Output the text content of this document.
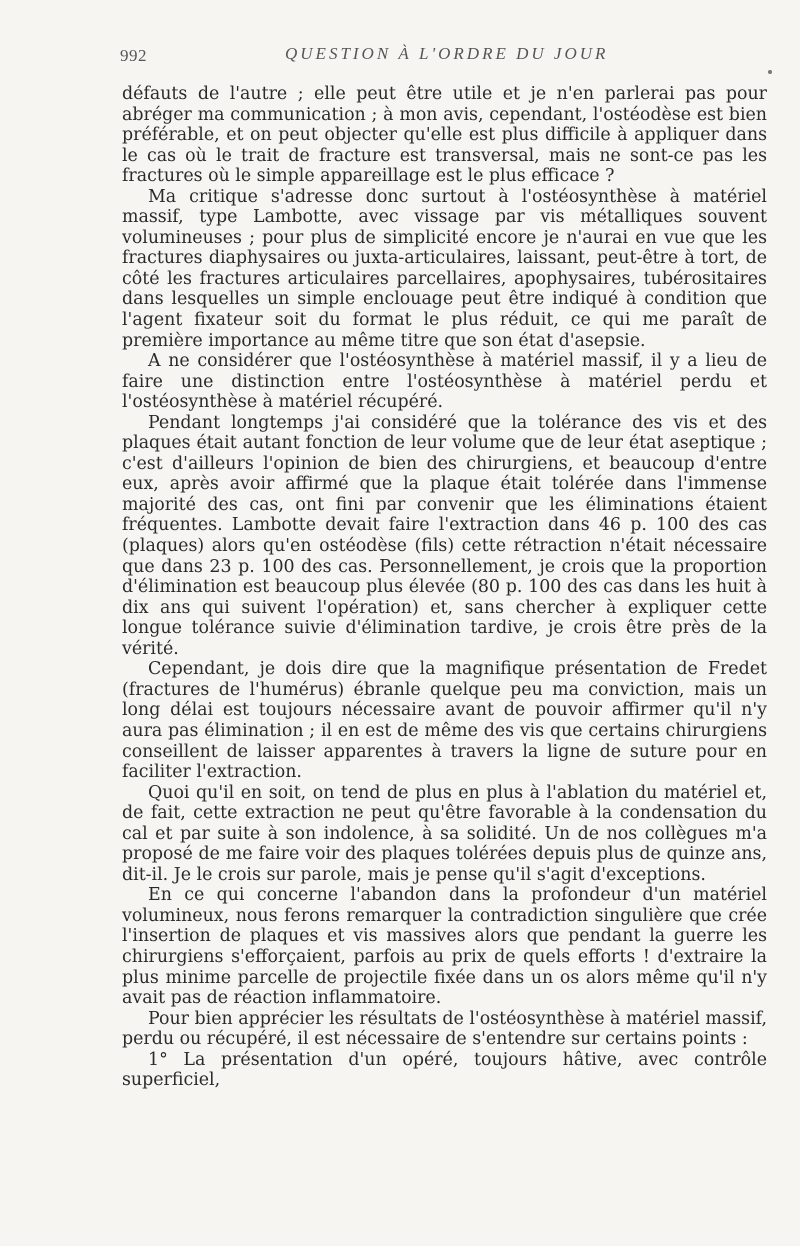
992	QUESTION À L'ORDRE DU JOUR

défauts de l'autre ; elle peut être utile et je n'en parlerai pas pour abréger ma communication ; à mon avis, cependant, l'ostéodèse est bien préférable, et on peut objecter qu'elle est plus difficile à appliquer dans le cas où le trait de fracture est transversal, mais ne sont-ce pas les fractures où le simple appareillage est le plus efficace ?

Ma critique s'adresse donc surtout à l'ostéosynthèse à matériel massif, type Lambotte, avec vissage par vis métalliques souvent volumineuses ; pour plus de simplicité encore je n'aurai en vue que les fractures diaphysaires ou juxta-articulaires, laissant, peut-être à tort, de côté les fractures articulaires parcellaires, apophysaires, tubérositaires dans lesquelles un simple enclouage peut être indiqué à condition que l'agent fixateur soit du format le plus réduit, ce qui me paraît de première importance au même titre que son état d'asepsie.

A ne considérer que l'ostéosynthèse à matériel massif, il y a lieu de faire une distinction entre l'ostéosynthèse à matériel perdu et l'ostéosynthèse à matériel récupéré.

Pendant longtemps j'ai considéré que la tolérance des vis et des plaques était autant fonction de leur volume que de leur état aseptique ; c'est d'ailleurs l'opinion de bien des chirurgiens, et beaucoup d'entre eux, après avoir affirmé que la plaque était tolérée dans l'immense majorité des cas, ont fini par convenir que les éliminations étaient fréquentes. Lambotte devait faire l'extraction dans 46 p. 100 des cas (plaques) alors qu'en ostéodèse (fils) cette rétraction n'était nécessaire que dans 23 p. 100 des cas. Personnellement, je crois que la proportion d'élimination est beaucoup plus élevée (80 p. 100 des cas dans les huit à dix ans qui suivent l'opération) et, sans chercher à expliquer cette longue tolérance suivie d'élimination tardive, je crois être près de la vérité.

Cependant, je dois dire que la magnifique présentation de Fredet (fractures de l'humérus) ébranle quelque peu ma conviction, mais un long délai est toujours nécessaire avant de pouvoir affirmer qu'il n'y aura pas élimination ; il en est de même des vis que certains chirurgiens conseillent de laisser apparentes à travers la ligne de suture pour en faciliter l'extraction.

Quoi qu'il en soit, on tend de plus en plus à l'ablation du matériel et, de fait, cette extraction ne peut qu'être favorable à la condensation du cal et par suite à son indolence, à sa solidité. Un de nos collègues m'a proposé de me faire voir des plaques tolérées depuis plus de quinze ans, dit-il. Je le crois sur parole, mais je pense qu'il s'agit d'exceptions.

En ce qui concerne l'abandon dans la profondeur d'un matériel volumineux, nous ferons remarquer la contradiction singulière que crée l'insertion de plaques et vis massives alors que pendant la guerre les chirurgiens s'efforçaient, parfois au prix de quels efforts ! d'extraire la plus minime parcelle de projectile fixée dans un os alors même qu'il n'y avait pas de réaction inflammatoire.

Pour bien apprécier les résultats de l'ostéosynthèse à matériel massif, perdu ou récupéré, il est nécessaire de s'entendre sur certains points :

1° La présentation d'un opéré, toujours hâtive, avec contrôle superficiel,
